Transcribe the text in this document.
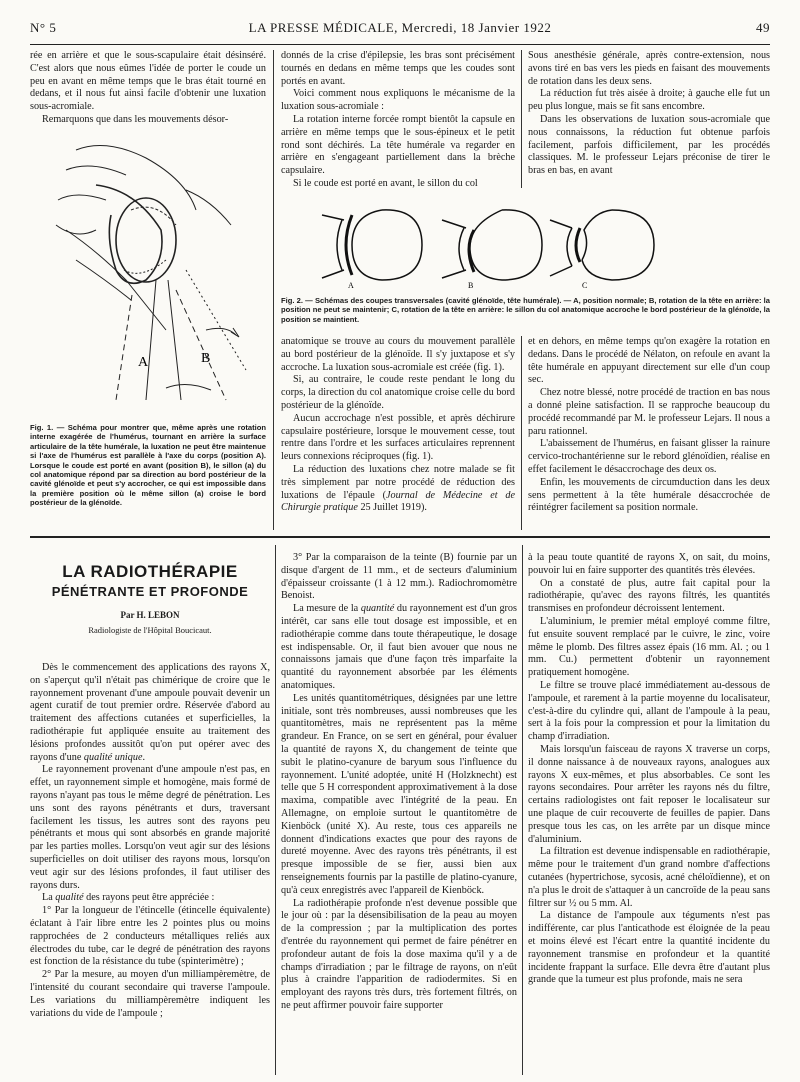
N° 5	LA PRESSE MÉDICALE, Mercredi, 18 Janvier 1922	49

rée en arrière et que le sous-scapulaire était désinséré. C'est alors que nous eûmes l'idée de porter le coude un peu en avant en même temps que le bras était tourné en dedans, et il nous fut ainsi facile d'obtenir une luxation sous-acromiale.

Remarquons que dans les mouvements désor-

A	B
Fig. 1. — Schéma pour montrer que, même après une rotation interne exagérée de l'humérus, tournant en arrière la surface articulaire de la tête humérale, la luxation ne peut être maintenue si l'axe de l'humérus est parallèle à l'axe du corps (position A). Lorsque le coude est porté en avant (position B), le sillon (a) du col anatomique répond par sa direction au bord postérieur de la cavité glénoïde et peut s'y accrocher, ce qui est impossible dans la première position où le même sillon (a) croise le bord postérieur de la glénoïde.

donnés de la crise d'épilepsie, les bras sont précisément tournés en dedans en même temps que les coudes sont portés en avant.

Voici comment nous expliquons le mécanisme de la luxation sous-acromiale :

La rotation interne forcée rompt bientôt la capsule en arrière en même temps que le sous-épineux et le petit rond sont déchirés. La tête humérale va regarder en arrière en s'engageant partiellement dans la brèche capsulaire.

Si le coude est porté en avant, le sillon du col

Sous anesthésie générale, après contre-extension, nous avons tiré en bas vers les pieds en faisant des mouvements de rotation dans les deux sens.

La réduction fut très aisée à droite; à gauche elle fut un peu plus longue, mais se fit sans encombre.

Dans les observations de luxation sous-acromiale que nous connaissons, la réduction fut obtenue parfois facilement, parfois difficilement, par les procédés classiques. M. le professeur Lejars préconise de tirer le bras en bas, en avant

A	B	C
Fig. 2. — Schémas des coupes transversales (cavité glénoïde, tête humérale). — A, position normale; B, rotation de la tête en arrière: la position ne peut se maintenir; C, rotation de la tête en arrière: le sillon du col anatomique accroche le bord postérieur de la glénoïde, la position se maintient.

anatomique se trouve au cours du mouvement parallèle au bord postérieur de la glénoïde. Il s'y juxtapose et s'y accroche. La luxation sous-acromiale est créée (fig. 1).

Si, au contraire, le coude reste pendant le long du corps, la direction du col anatomique croise celle du bord postérieur de la glénoïde.

Aucun accrochage n'est possible, et après déchirure capsulaire postérieure, lorsque le mouvement cesse, tout rentre dans l'ordre et les surfaces articulaires reprennent leurs connexions réciproques (fig. 1).

La réduction des luxations chez notre malade se fit très simplement par notre procédé de réduction des luxations de l'épaule (Journal de Médecine et de Chirurgie pratique 25 Juillet 1919).

et en dehors, en même temps qu'on exagère la rotation en dedans. Dans le procédé de Nélaton, on refoule en avant la tête humérale en appuyant directement sur elle d'un coup sec.

Chez notre blessé, notre procédé de traction en bas nous a donné pleine satisfaction. Il se rapproche beaucoup du procédé recommandé par M. le professeur Lejars. Il nous a paru rationnel.

L'abaissement de l'humérus, en faisant glisser la rainure cervico-trochantérienne sur le rebord glénoïdien, réalise en effet facilement le désaccrochage des deux os.

Enfin, les mouvements de circumduction dans les deux sens permettent à la tête humérale désaccrochée de réintégrer facilement sa position normale.

LA RADIOTHÉRAPIE
PÉNÉTRANTE ET PROFONDE
Par H. LEBON
Radiologiste de l'Hôpital Boucicaut.

Dès le commencement des applications des rayons X, on s'aperçut qu'il n'était pas chimérique de croire que le rayonnement provenant d'une ampoule pouvait devenir un agent curatif de tout premier ordre. Réservée d'abord au traitement des affections cutanées et superficielles, la radiothérapie fut appliquée ensuite au traitement des lésions profondes aussitôt qu'on put opérer avec des rayons d'une qualité unique.

Le rayonnement provenant d'une ampoule n'est pas, en effet, un rayonnement simple et homogène, mais formé de rayons n'ayant pas tous le même degré de pénétration. Les uns sont des rayons pénétrants et durs, traversant facilement les tissus, les autres sont des rayons peu pénétrants et mous qui sont absorbés en grande majorité par les parties molles. Lorsqu'on veut agir sur des lésions superficielles on doit utiliser des rayons mous, lorsqu'on veut agir sur des lésions profondes, il faut utiliser des rayons durs.

La qualité des rayons peut être appréciée :

1° Par la longueur de l'étincelle (étincelle équivalente) éclatant à l'air libre entre les 2 pointes plus ou moins rapprochées de 2 conducteurs métalliques reliés aux électrodes du tube, car le degré de pénétration des rayons est fonction de la résistance du tube (spinterimètre) ;

2° Par la mesure, au moyen d'un milliampèremètre, de l'intensité du courant secondaire qui traverse l'ampoule. Les variations du milliampèremètre indiquent les variations du vide de l'ampoule ;

3° Par la comparaison de la teinte (B) fournie par un disque d'argent de 11 mm., et de secteurs d'aluminium d'épaisseur croissante (1 à 12 mm.). Radiochromomètre Benoist.

La mesure de la quantité du rayonnement est d'un gros intérêt, car sans elle tout dosage est impossible, et en radiothérapie comme dans toute thérapeutique, le dosage est indispensable. Or, il faut bien avouer que nous ne connaissons jamais que d'une façon très imparfaite la quantité du rayonnement absorbée par les éléments anatomiques.

Les unités quantitométriques, désignées par une lettre initiale, sont très nombreuses, aussi nombreuses que les quantitomètres, mais ne représentent pas la même grandeur. En France, on se sert en général, pour évaluer la quantité de rayons X, du changement de teinte que subit le platino-cyanure de baryum sous l'influence du rayonnement. L'unité adoptée, unité H (Holzknecht) est telle que 5 H correspondent approximativement à la dose maxima, compatible avec l'intégrité de la peau. En Allemagne, on emploie surtout le quantitomètre de Kienböck (unité X). Au reste, tous ces appareils ne donnent d'indications exactes que pour des rayons de dureté moyenne. Avec des rayons très pénétrants, il est presque impossible de se fier, aussi bien aux renseignements fournis par la pastille de platino-cyanure, qu'à ceux enregistrés avec l'appareil de Kienböck.

La radiothérapie profonde n'est devenue possible que le jour où : par la désensibilisation de la peau au moyen de la compression ; par la multiplication des portes d'entrée du rayonnement qui permet de faire pénétrer en profondeur autant de fois la dose maxima qu'il y a de champs d'irradiation ; par le filtrage de rayons, on n'eût plus à craindre l'apparition de radiodermites. Si en employant des rayons très durs, très fortement filtrés, on ne peut affirmer pouvoir faire supporter

à la peau toute quantité de rayons X, on sait, du moins, pouvoir lui en faire supporter des quantités très élevées.

On a constaté de plus, autre fait capital pour la radiothérapie, qu'avec des rayons filtrés, les quantités transmises en profondeur décroissent lentement.

L'aluminium, le premier métal employé comme filtre, fut ensuite souvent remplacé par le cuivre, le zinc, voire même le plomb. Des filtres assez épais (16 mm. Al. ; ou 1 mm. Cu.) permettent d'obtenir un rayonnement pratiquement homogène.

Le filtre se trouve placé immédiatement au-dessous de l'ampoule, et rarement à la partie moyenne du localisateur, c'est-à-dire du cylindre qui, allant de l'ampoule à la peau, sert à la fois pour la compression et pour la limitation du champ d'irradiation.

Mais lorsqu'un faisceau de rayons X traverse un corps, il donne naissance à de nouveaux rayons, analogues aux rayons X eux-mêmes, et plus absorbables. Ce sont les rayons secondaires. Pour arrêter les rayons nés du filtre, certains radiologistes ont fait reposer le localisateur sur une plaque de cuir recouverte de feuilles de papier. Dans presque tous les cas, on les arrête par un disque mince d'aluminium.

La filtration est devenue indispensable en radiothérapie, même pour le traitement d'un grand nombre d'affections cutanées (hypertrichose, sycosis, acné chéloïdienne), et on n'a plus le droit de s'attaquer à un cancroïde de la peau sans filtrer sur ½ ou 5 mm. Al.

La distance de l'ampoule aux téguments n'est pas indifférente, car plus l'anticathode est éloignée de la peau et moins élevé est l'écart entre la quantité incidente du rayonnement transmise en profondeur et la quantité incidente frappant la surface. Elle devra être d'autant plus grande que la tumeur est plus profonde, mais ne sera
